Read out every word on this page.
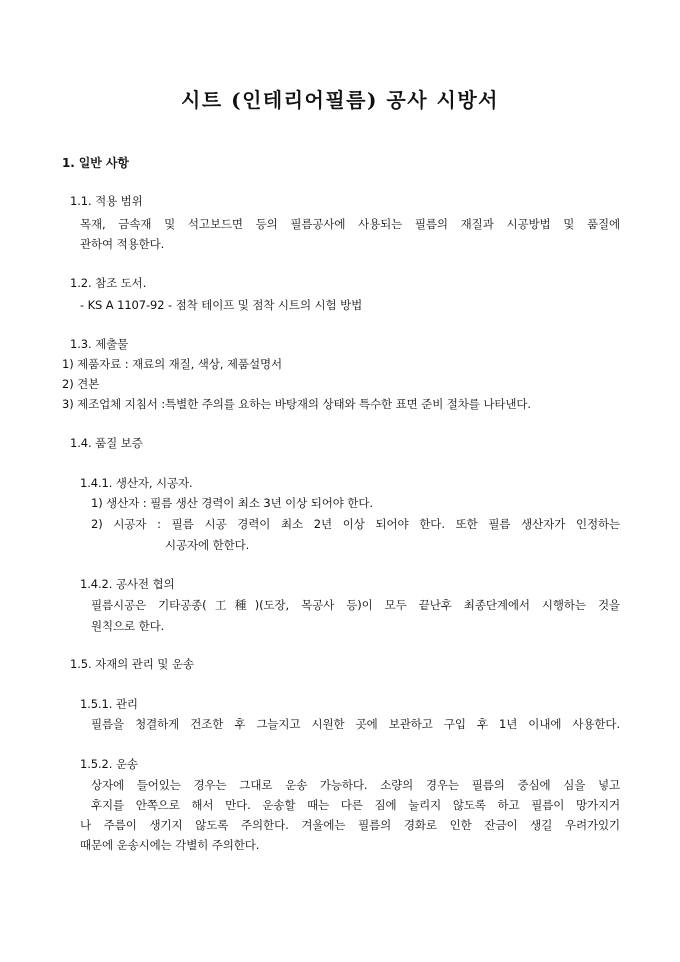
시트 (인테리어필름) 공사 시방서
1. 일반 사항
1.1. 적용 범위
목재, 금속재 및 석고보드면 등의 필름공사에 사용되는 필름의 재질과 시공방법 및 품질에
관하여 적용한다.
1.2. 참조 도서.
- KS A 1107-92 - 점착 테이프 및 점착 시트의 시험 방법
1.3. 제출물
1) 제품자료 : 재료의 재질, 색상, 제품설명서
2) 견본
3) 제조업체 지침서 :특별한 주의를 요하는 바탕재의 상태와 특수한 표면 준비 절차를 나타낸다.
1.4. 품질 보증
1.4.1. 생산자, 시공자.
1) 생산자 : 필름 생산 경력이 최소 3년 이상 되어야 한다.
2) 시공자 : 필름 시공 경력이 최소 2년 이상 되어야 한다. 또한 필름 생산자가 인정하는
시공자에 한한다.
1.4.2. 공사전 협의
필름시공은 기타공종(工種)(도장, 목공사 등)이 모두 끝난후 최종단계에서 시행하는 것을
원칙으로 한다.
1.5. 자재의 관리 및 운송
1.5.1. 관리
필름을 청결하게 건조한 후 그늘지고 시원한 곳에 보관하고 구입 후 1년 이내에 사용한다.
1.5.2. 운송
상자에 들어있는 경우는 그대로 운송 가능하다. 소량의 경우는 필름의 중심에 심을 넣고
후지를 안쪽으로 해서 만다. 운송할 때는 다른 짐에 눌리지 않도록 하고 필름이 망가지거
나 주름이 생기지 않도록 주의한다. 겨울에는 필름의 경화로 인한 잔금이 생길 우려가있기
때문에 운송시에는 각별히 주의한다.
